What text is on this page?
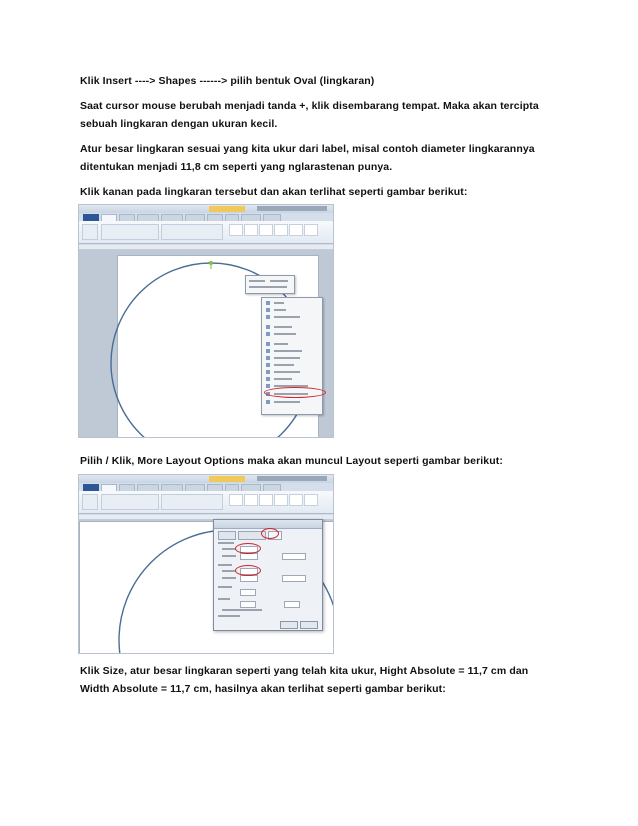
Klik Insert ----> Shapes ------> pilih bentuk Oval (lingkaran)

Saat cursor mouse berubah menjadi tanda +, klik disembarang tempat. Maka akan tercipta

sebuah lingkaran dengan ukuran kecil.

Atur besar lingkaran sesuai yang kita ukur dari label, misal contoh diameter lingkarannya

ditentukan menjadi 11,8 cm seperti yang nglarastenan punya.

Klik kanan pada lingkaran tersebut dan akan terlihat seperti gambar berikut:

Pilih / Klik, More Layout Options maka akan muncul Layout seperti gambar berikut:

Klik Size, atur besar lingkaran seperti yang telah kita ukur, Hight Absolute = 11,7 cm dan

Width Absolute = 11,7 cm, hasilnya akan terlihat seperti gambar berikut:
